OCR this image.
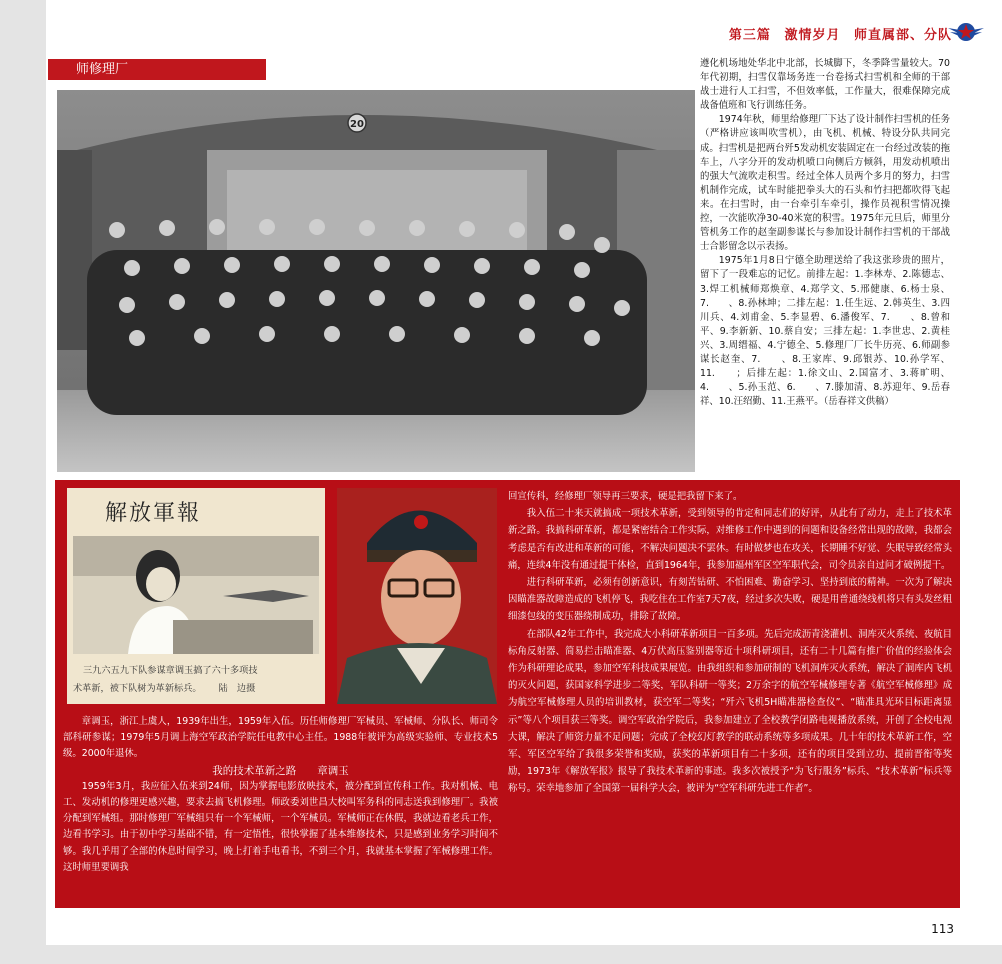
第三篇 激情岁月 师直属部、分队
师修理厂
20

遵化机场地处华北中北部，长城脚下，冬季降雪量较大。70年代初期，扫雪仅靠场务连一台卷扬式扫雪机和全师的干部战士进行人工扫雪，不但效率低，工作量大，很难保障完成战备值班和飞行训练任务。

1974年秋，师里给修理厂下达了设计制作扫雪机的任务（严格讲应该叫吹雪机），由飞机、机械、特设分队共同完成。扫雪机是把两台歼5发动机安装固定在一台经过改装的拖车上，八字分开的发动机喷口向侧后方倾斜，用发动机喷出的强大气流吹走积雪。经过全体人员两个多月的努力，扫雪机制作完成，试车时能把拳头大的石头和竹扫把都吹得飞起来。在扫雪时，由一台牵引车牵引，操作员视积雪情况操控，一次能吹净30-40米宽的积雪。1975年元旦后，师里分管机务工作的赵奎副参谋长与参加设计制作扫雪机的干部战士合影留念以示表扬。

1975年1月8日宁德全助理送给了我这张珍贵的照片，留下了一段难忘的记忆。前排左起：1.李林寿、2.陈德志、3.焊工机械师郑焕章、4.郑学文、5.邢健康、6.杨士泉、7.　　、8.孙林坤；二排左起：1.任生远、2.韩英生、3.四川兵、4.刘甫金、5.李显碧、6.潘俊军、7.　　、8.曾和平、9.李新新、10.蔡自安；三排左起：1.李世忠、2.黄桂兴、3.周缙福、4.宁德全、5.修理厂厂长牛历亮、6.师副参谋长赵奎、7.　　、8.王家库、9.邱银苏、10.孙学军、11.　　；后排左起：1.徐文山、2.国富才、3.蒋旷明、4.　　、5.孙玉范、6.　　、7.滕加清、8.苏迎年、9.岳春祥、10.汪绍勤、11.王燕平。（岳春祥文供稿）

解放軍報
三九六五九下队参谋章调玉搞了六十多项技
术革新，被下队树为革新标兵。 陆　边摄

章调玉，浙江上虞人，1939年出生，1959年入伍。历任师修理厂军械员、军械师、分队长、师司令部科研参谋；1979年5月调上海空军政治学院任电教中心主任。1988年被评为高级实验师、专业技术5级。2000年退休。

我的技术革新之路　　章调玉

1959年3月，我应征入伍来到24师，因为掌握电影放映技术，被分配到宣传科工作。我对机械、电工、发动机的修理更感兴趣，要求去搞飞机修理。师政委刘世昌大校叫军务科的同志送我到修理厂。我被分配到军械组。那时修理厂军械组只有一个军械师，一个军械员。军械师正在休假，我就边看老兵工作，边看书学习。由于初中学习基础不错，有一定悟性，很快掌握了基本维修技术，只是感到业务学习时间不够。我几乎用了全部的休息时间学习，晚上打着手电看书，不到三个月，我就基本掌握了军械修理工作。这时师里要调我

回宣传科，经修理厂领导再三要求，硬是把我留下来了。

我入伍二十来天就搞成一项技术革新，受到领导的肯定和同志们的好评，从此有了动力，走上了技术革新之路。我搞科研革新，都是紧密结合工作实际，对维修工作中遇到的问题和设备经常出现的故障，我都会考虑是否有改进和革新的可能，不解决问题决不罢休。有时做梦也在攻关，长期睡不好觉、失眠导致经常头痛，连续4年没有通过提干体检，直到1964年，我参加福州军区空军职代会，司令员亲自过问才破例提干。

进行科研革新，必须有创新意识，有刻苦钻研、不怕困难、勤奋学习、坚持到底的精神。一次为了解决因瞄准器故障造成的飞机停飞，我吃住在工作室7天7夜，经过多次失败，硬是用普通绕线机将只有头发丝粗细漆包线的变压器绕制成功，排除了故障。

在部队42年工作中，我完成大小科研革新项目一百多项。先后完成沥青浇灌机、洞库灭火系统、夜航目标角反射器、简易拦击瞄准器、4万伏高压鉴别器等近十项科研项目，还有二十几篇有推广价值的经验体会作为科研理论成果，参加空军科技成果展览。由我组织和参加研制的飞机洞库灭火系统，解决了洞库内飞机的灭火问题，获国家科学进步二等奖，军队科研一等奖；2万余字的航空军械修理专著《航空军械修理》成为航空军械修理人员的培训教材，获空军二等奖；“歼六飞机5H瞄准器检查仪”、“瞄准具光环目标距离显示”等八个项目获三等奖。调空军政治学院后，我参加建立了全校教学闭路电视播放系统，开创了全校电视大课，解决了师资力量不足问题；完成了全校幻灯教学的联动系统等多项成果。几十年的技术革新工作，空军、军区空军给了我很多荣誉和奖励，获奖的革新项目有二十多项，还有的项目受到立功、提前晋衔等奖励，1973年《解放军报》报导了我技术革新的事迹。我多次被授予“为飞行服务”标兵、“技术革新”标兵等称号。荣幸地参加了全国第一届科学大会，被评为“空军科研先进工作者”。

113
